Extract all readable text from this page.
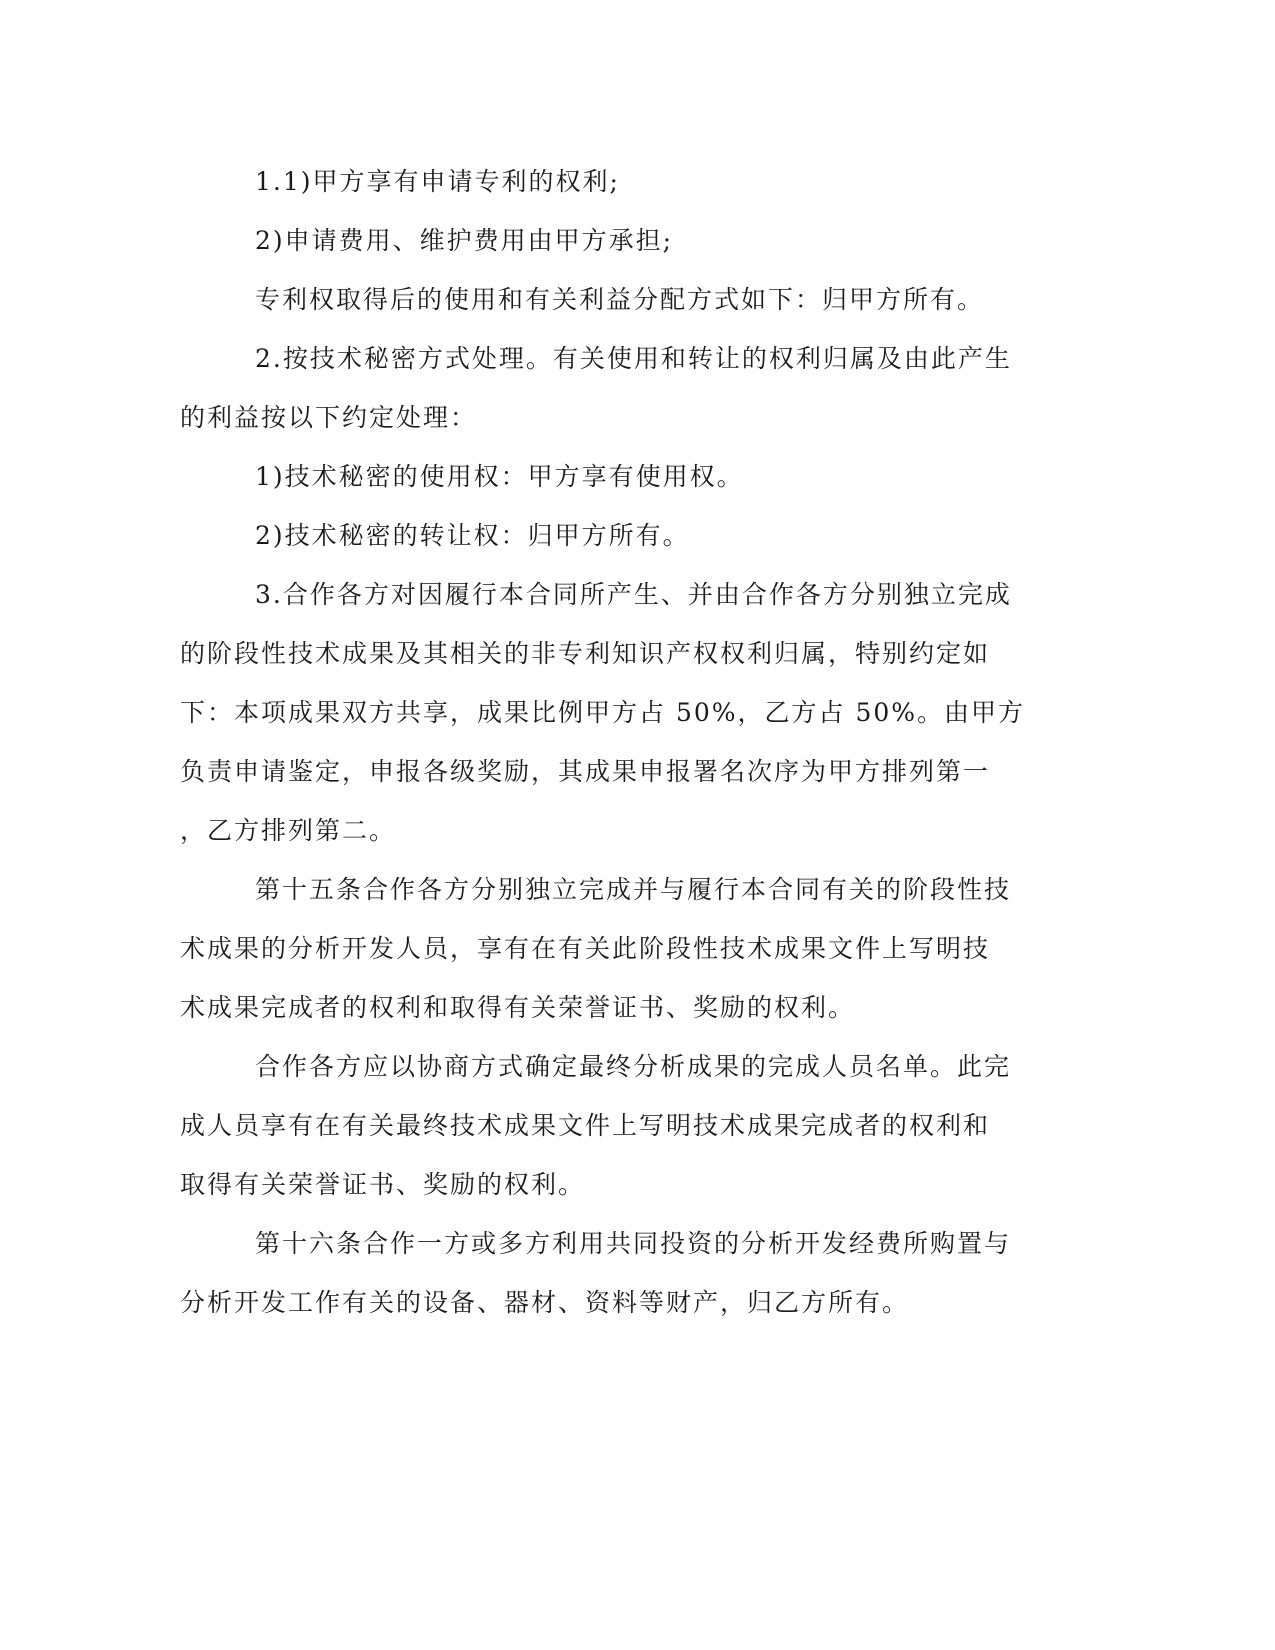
1.1)甲方享有申请专利的权利;
2)申请费用、维护费用由甲方承担;
专利权取得后的使用和有关利益分配方式如下：归甲方所有。
2.按技术秘密方式处理。有关使用和转让的权利归属及由此产生
的利益按以下约定处理：
1)技术秘密的使用权：甲方享有使用权。
2)技术秘密的转让权：归甲方所有。
3.合作各方对因履行本合同所产生、并由合作各方分别独立完成
的阶段性技术成果及其相关的非专利知识产权权利归属，特别约定如
下：本项成果双方共享，成果比例甲方占 50%，乙方占 50%。由甲方
负责申请鉴定，申报各级奖励，其成果申报署名次序为甲方排列第一
，乙方排列第二。
第十五条合作各方分别独立完成并与履行本合同有关的阶段性技
术成果的分析开发人员，享有在有关此阶段性技术成果文件上写明技
术成果完成者的权利和取得有关荣誉证书、奖励的权利。
合作各方应以协商方式确定最终分析成果的完成人员名单。此完
成人员享有在有关最终技术成果文件上写明技术成果完成者的权利和
取得有关荣誉证书、奖励的权利。
第十六条合作一方或多方利用共同投资的分析开发经费所购置与
分析开发工作有关的设备、器材、资料等财产，归乙方所有。
